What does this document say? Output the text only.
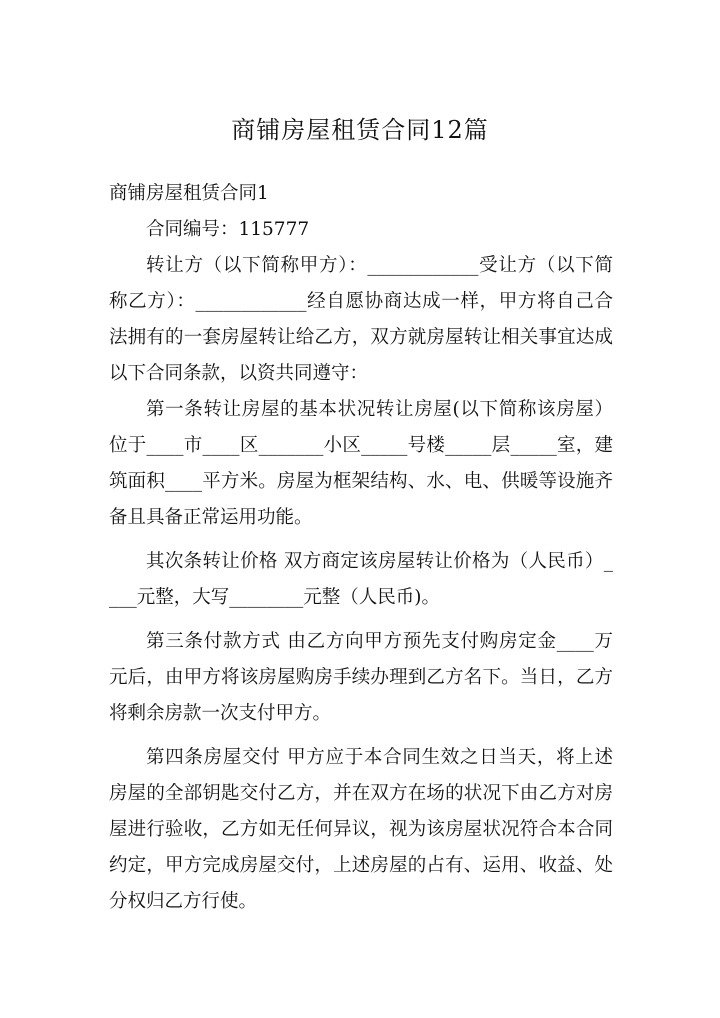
商铺房屋租赁合同12篇

商铺房屋租赁合同1

合同编号：115777

转让方（以下简称甲方）：____________受让方（以下简称乙方）：____________经自愿协商达成一样，甲方将自己合法拥有的一套房屋转让给乙方，双方就房屋转让相关事宜达成以下合同条款，以资共同遵守：

第一条转让房屋的基本状况转让房屋(以下简称该房屋）位于____市____区_______小区_____号楼_____层_____室，建筑面积____平方米。房屋为框架结构、水、电、供暖等设施齐备且具备正常运用功能。

其次条转让价格 双方商定该房屋转让价格为（人民币）____元整，大写________元整（人民币)。

第三条付款方式 由乙方向甲方预先支付购房定金____万元后，由甲方将该房屋购房手续办理到乙方名下。当日，乙方将剩余房款一次支付甲方。

第四条房屋交付 甲方应于本合同生效之日当天，将上述房屋的全部钥匙交付乙方，并在双方在场的状况下由乙方对房屋进行验收，乙方如无任何异议，视为该房屋状况符合本合同约定，甲方完成房屋交付，上述房屋的占有、运用、收益、处分权归乙方行使。
